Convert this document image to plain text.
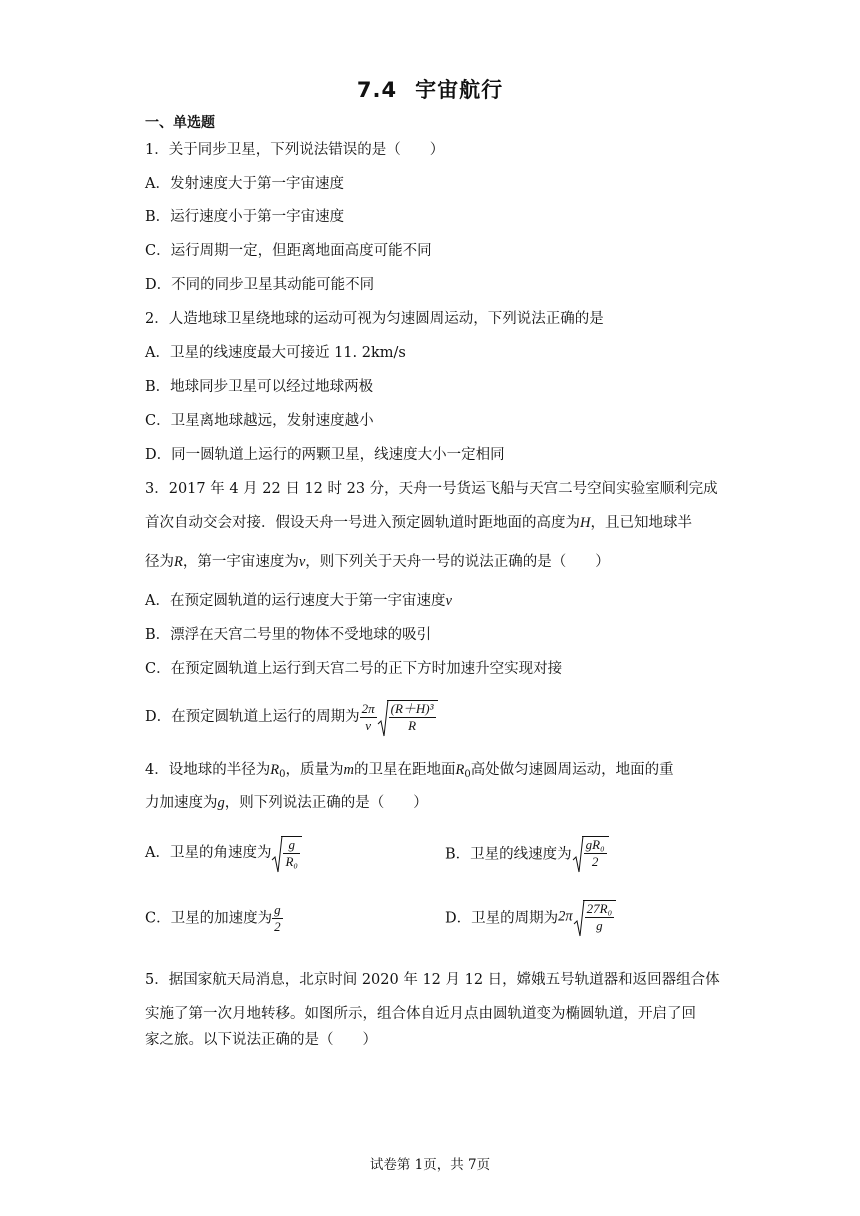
7.4 宇宙航行
一、单选题
1．关于同步卫星，下列说法错误的是（　　）
A．发射速度大于第一宇宙速度
B．运行速度小于第一宇宙速度
C．运行周期一定，但距离地面高度可能不同
D．不同的同步卫星其动能可能不同
2．人造地球卫星绕地球的运动可视为匀速圆周运动，下列说法正确的是
A．卫星的线速度最大可接近 11. 2km/s
B．地球同步卫星可以经过地球两极
C．卫星离地球越远，发射速度越小
D．同一圆轨道上运行的两颗卫星，线速度大小一定相同
3．2017 年 4 月 22 日 12 时 23 分，天舟一号货运飞船与天宫二号空间实验室顺利完成
首次自动交会对接．假设天舟一号进入预定圆轨道时距地面的高度为H，且已知地球半
径为R，第一宇宙速度为v，则下列关于天舟一号的说法正确的是（　　）
A．在预定圆轨道的运行速度大于第一宇宙速度v
B．漂浮在天宫二号里的物体不受地球的吸引
C．在预定圆轨道上运行到天宫二号的正下方时加速升空实现对接
D．在预定圆轨道上运行的周期为 $\frac{2\pi}{v} \frac{\text{(R＋H)³}}{R}$
4．设地球的半径为$R_0$，质量为m的卫星在距地面$R_0$高处做匀速圆周运动，地面的重
力加速度为g，则下列说法正确的是（　　）
A．卫星的角速度为 $\frac{g}{\text{R₀}}$	B．卫星的线速度为 $\frac{\text{gR₀}}{2}$
C．卫星的加速度为 $\frac{g}{2}$	D．卫星的周期为$2\pi \frac{\text{27R₀}}{g}$
5．据国家航天局消息，北京时间 2020 年 12 月 12 日，嫦娥五号轨道器和返回器组合体
实施了第一次月地转移。如图所示，组合体自近月点由圆轨道变为椭圆轨道，开启了回
家之旅。以下说法正确的是（　　）
试卷第 1页，共 7页
